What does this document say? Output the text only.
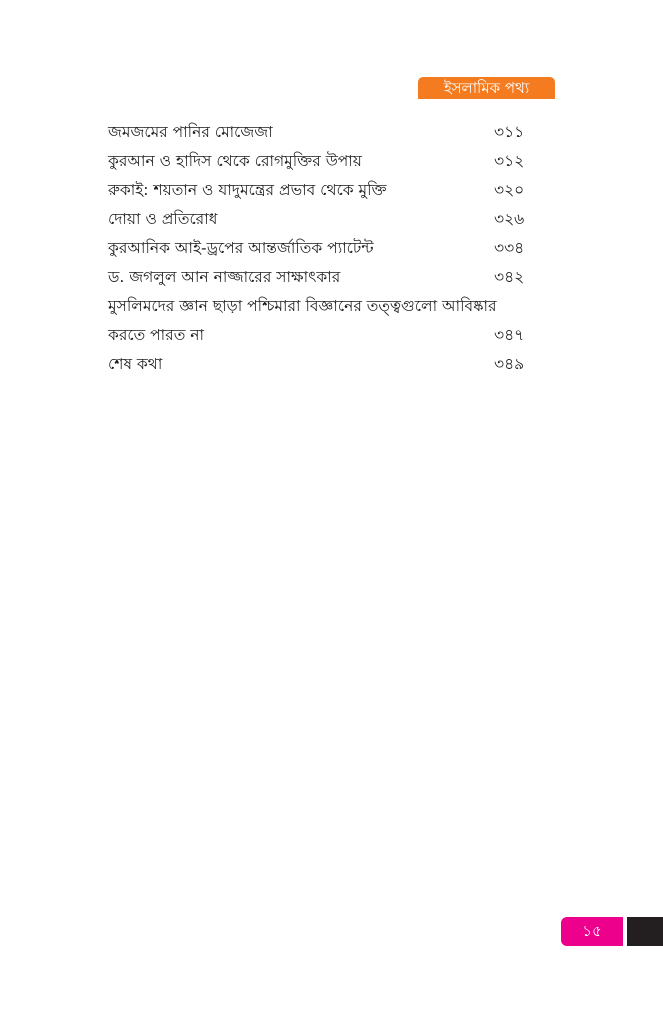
ইসলামিক পথ্য
জমজমের পানির মোজেজা	৩১১
কুরআন ও হাদিস থেকে রোগমুক্তির উপায়	৩১২
রুকাই: শয়তান ও যাদুমন্ত্রের প্রভাব থেকে মুক্তি	৩২০
দোয়া ও প্রতিরোধ	৩২৬
কুরআনিক আই-ড্রপের আন্তর্জাতিক প্যাটেন্ট	৩৩৪
ড. জগলুল আন নাজ্জারের সাক্ষাৎকার	৩৪২
মুসলিমদের জ্ঞান ছাড়া পশ্চিমারা বিজ্ঞানের তত্ত্বগুলো আবিষ্কার
করতে পারত না	৩৪৭
শেষ কথা	৩৪৯
১৫
